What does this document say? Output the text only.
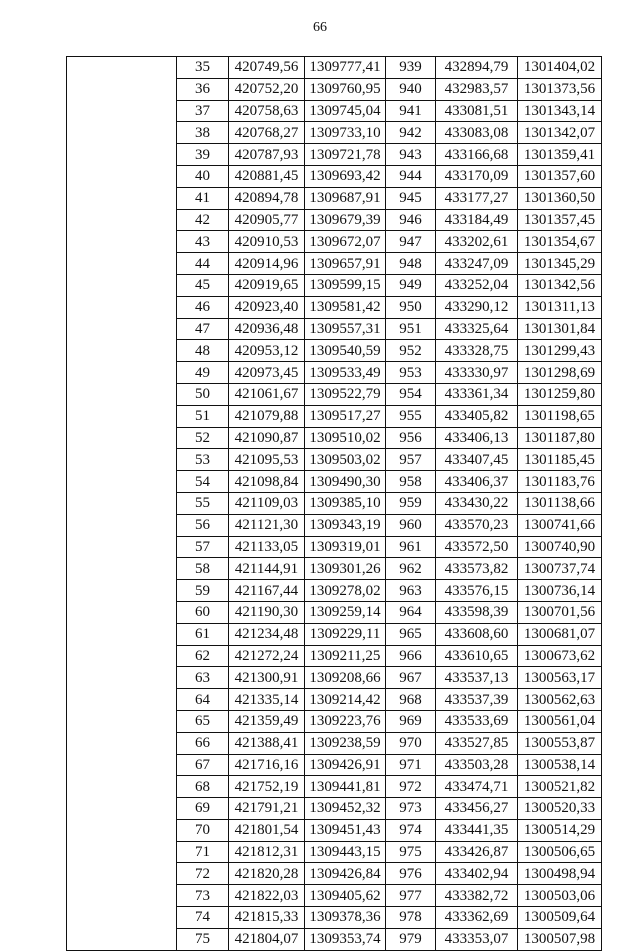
66
	35	420749,56	1309777,41	939	432894,79	1301404,02
	36	420752,20	1309760,95	940	432983,57	1301373,56
	37	420758,63	1309745,04	941	433081,51	1301343,14
	38	420768,27	1309733,10	942	433083,08	1301342,07
	39	420787,93	1309721,78	943	433166,68	1301359,41
	40	420881,45	1309693,42	944	433170,09	1301357,60
	41	420894,78	1309687,91	945	433177,27	1301360,50
	42	420905,77	1309679,39	946	433184,49	1301357,45
	43	420910,53	1309672,07	947	433202,61	1301354,67
	44	420914,96	1309657,91	948	433247,09	1301345,29
	45	420919,65	1309599,15	949	433252,04	1301342,56
	46	420923,40	1309581,42	950	433290,12	1301311,13
	47	420936,48	1309557,31	951	433325,64	1301301,84
	48	420953,12	1309540,59	952	433328,75	1301299,43
	49	420973,45	1309533,49	953	433330,97	1301298,69
	50	421061,67	1309522,79	954	433361,34	1301259,80
	51	421079,88	1309517,27	955	433405,82	1301198,65
	52	421090,87	1309510,02	956	433406,13	1301187,80
	53	421095,53	1309503,02	957	433407,45	1301185,45
	54	421098,84	1309490,30	958	433406,37	1301183,76
	55	421109,03	1309385,10	959	433430,22	1301138,66
	56	421121,30	1309343,19	960	433570,23	1300741,66
	57	421133,05	1309319,01	961	433572,50	1300740,90
	58	421144,91	1309301,26	962	433573,82	1300737,74
	59	421167,44	1309278,02	963	433576,15	1300736,14
	60	421190,30	1309259,14	964	433598,39	1300701,56
	61	421234,48	1309229,11	965	433608,60	1300681,07
	62	421272,24	1309211,25	966	433610,65	1300673,62
	63	421300,91	1309208,66	967	433537,13	1300563,17
	64	421335,14	1309214,42	968	433537,39	1300562,63
	65	421359,49	1309223,76	969	433533,69	1300561,04
	66	421388,41	1309238,59	970	433527,85	1300553,87
	67	421716,16	1309426,91	971	433503,28	1300538,14
	68	421752,19	1309441,81	972	433474,71	1300521,82
	69	421791,21	1309452,32	973	433456,27	1300520,33
	70	421801,54	1309451,43	974	433441,35	1300514,29
	71	421812,31	1309443,15	975	433426,87	1300506,65
	72	421820,28	1309426,84	976	433402,94	1300498,94
	73	421822,03	1309405,62	977	433382,72	1300503,06
	74	421815,33	1309378,36	978	433362,69	1300509,64
	75	421804,07	1309353,74	979	433353,07	1300507,98
